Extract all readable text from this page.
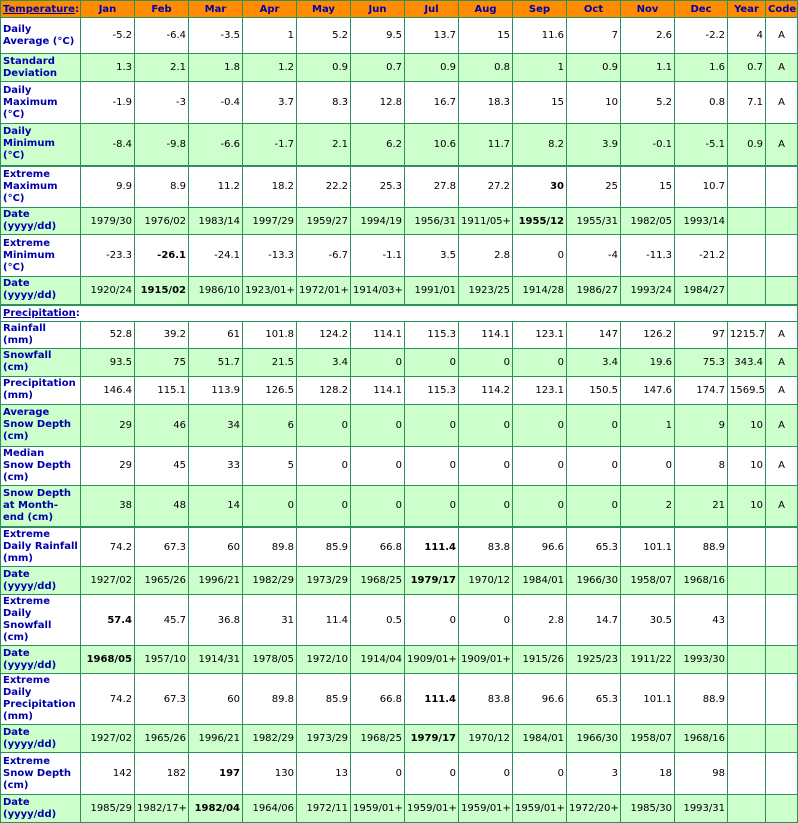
Temperature:	Jan	Feb	Mar	Apr	May	Jun	Jul	Aug	Sep	Oct	Nov	Dec	Year	Code
Daily Average (°C)	-5.2	-6.4	-3.5	1	5.2	9.5	13.7	15	11.6	7	2.6	-2.2	4	A
Standard Deviation	1.3	2.1	1.8	1.2	0.9	0.7	0.9	0.8	1	0.9	1.1	1.6	0.7	A
Daily Maximum (°C)	-1.9	-3	-0.4	3.7	8.3	12.8	16.7	18.3	15	10	5.2	0.8	7.1	A
Daily Minimum (°C)	-8.4	-9.8	-6.6	-1.7	2.1	6.2	10.6	11.7	8.2	3.9	-0.1	-5.1	0.9	A
Extreme Maximum (°C)	9.9	8.9	11.2	18.2	22.2	25.3	27.8	27.2	30	25	15	10.7		
Date (yyyy/dd)	1979/30	1976/02	1983/14	1997/29	1959/27	1994/19	1956/31	1911/05+	1955/12	1955/31	1982/05	1993/14		
Extreme Minimum (°C)	-23.3	-26.1	-24.1	-13.3	-6.7	-1.1	3.5	2.8	0	-4	-11.3	-21.2		
Date (yyyy/dd)	1920/24	1915/02	1986/10	1923/01+	1972/01+	1914/03+	1991/01	1923/25	1914/28	1986/27	1993/24	1984/27		
Precipitation:														
Rainfall (mm)	52.8	39.2	61	101.8	124.2	114.1	115.3	114.1	123.1	147	126.2	97	1215.7	A
Snowfall (cm)	93.5	75	51.7	21.5	3.4	0	0	0	0	3.4	19.6	75.3	343.4	A
Precipitation (mm)	146.4	115.1	113.9	126.5	128.2	114.1	115.3	114.2	123.1	150.5	147.6	174.7	1569.5	A
Average Snow Depth (cm)	29	46	34	6	0	0	0	0	0	0	1	9	10	A
Median Snow Depth (cm)	29	45	33	5	0	0	0	0	0	0	0	8	10	A
Snow Depth at Month-end (cm)	38	48	14	0	0	0	0	0	0	0	2	21	10	A
Extreme Daily Rainfall (mm)	74.2	67.3	60	89.8	85.9	66.8	111.4	83.8	96.6	65.3	101.1	88.9		
Date (yyyy/dd)	1927/02	1965/26	1996/21	1982/29	1973/29	1968/25	1979/17	1970/12	1984/01	1966/30	1958/07	1968/16		
Extreme Daily Snowfall (cm)	57.4	45.7	36.8	31	11.4	0.5	0	0	2.8	14.7	30.5	43		
Date (yyyy/dd)	1968/05	1957/10	1914/31	1978/05	1972/10	1914/04	1909/01+	1909/01+	1915/26	1925/23	1911/22	1993/30		
Extreme Daily Precipitation (mm)	74.2	67.3	60	89.8	85.9	66.8	111.4	83.8	96.6	65.3	101.1	88.9		
Date (yyyy/dd)	1927/02	1965/26	1996/21	1982/29	1973/29	1968/25	1979/17	1970/12	1984/01	1966/30	1958/07	1968/16		
Extreme Snow Depth (cm)	142	182	197	130	13	0	0	0	0	3	18	98		
Date (yyyy/dd)	1985/29	1982/17+	1982/04	1964/06	1972/11	1959/01+	1959/01+	1959/01+	1959/01+	1972/20+	1985/30	1993/31		
